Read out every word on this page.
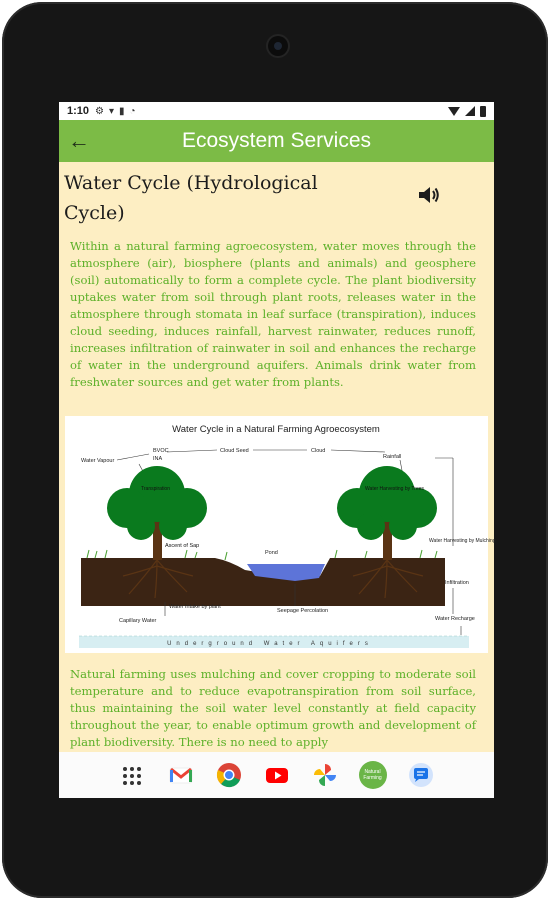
1:10 ⚙ ▾ ▮ ◔
←	Ecosystem Services
Water Cycle (Hydrological Cycle)

Within a natural farming agroecosystem, water moves through the atmosphere (air), biosphere (plants and animals) and geosphere (soil) automatically to form a complete cycle. The plant biodiversity uptakes water from soil through plant roots, releases water in the atmosphere through stomata in leaf surface (transpiration), induces cloud seeding, induces rainfall, harvest rainwater, reduces runoff, increases infiltration of rainwater in soil and enhances the recharge of water in the underground aquifers. Animals drink water from freshwater sources and get water from plants.

Water Cycle in a Natural Farming Agroecosystem
Water Vapour
BVOC
INA
Cloud Seed	Cloud
Rainfall
Underground Water Aquifers
Transpiration	Water Harvesting by Trees
Ascent of Sap
Pond
Water Harvesting by Mulching
Infiltration
Water Intake by plant
Seepage Percolation
Capillary Water	Water Recharge

Natural farming uses mulching and cover cropping to moderate soil temperature and to reduce evapotranspiration from soil surface, thus maintaining the soil water level constantly at field capacity throughout the year, to enable optimum growth and development of plant biodiversity. There is no need to apply

Natural Farming
